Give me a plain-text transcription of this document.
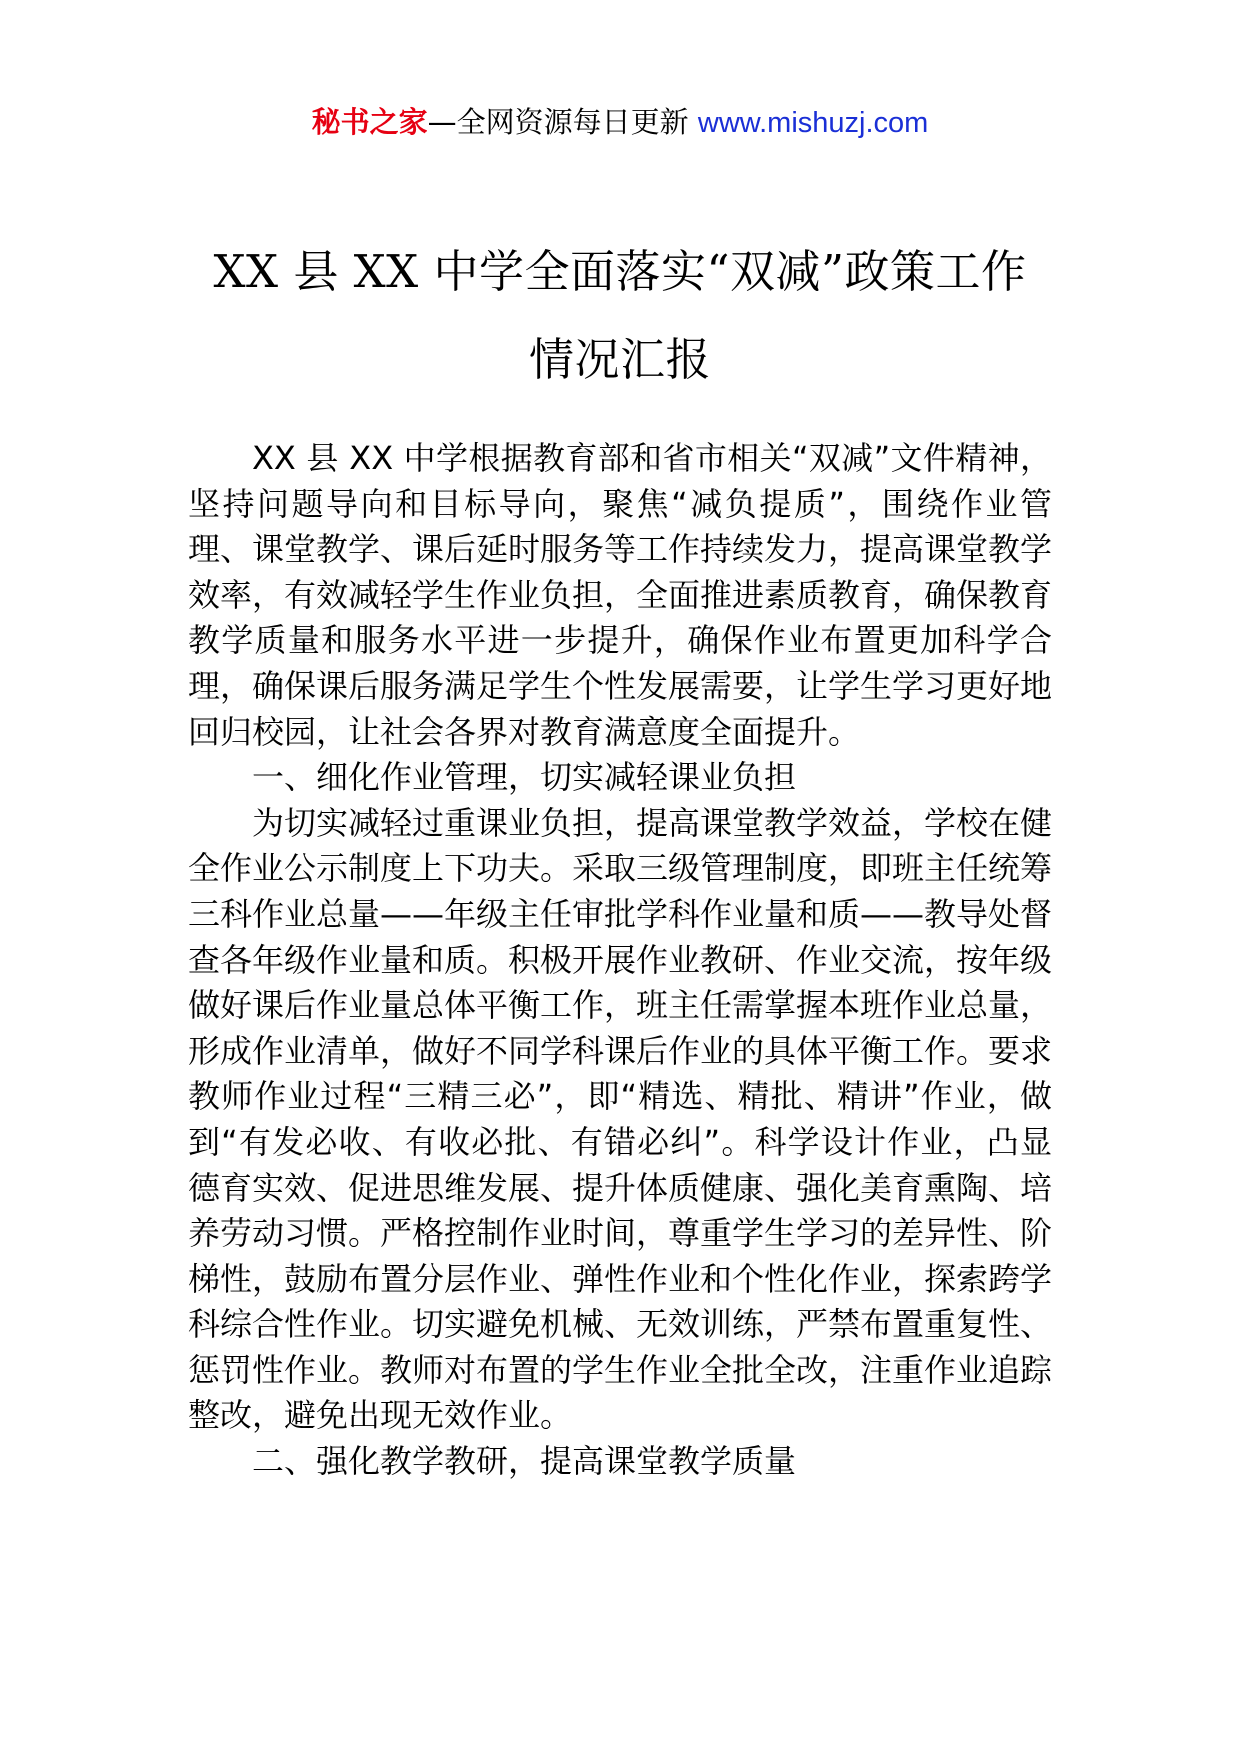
秘书之家—全网资源每日更新 www.mishuzj.com
XX 县 XX 中学全面落实“双减”政策工作
情况汇报

XX 县 XX 中学根据教育部和省市相关“双减”文件精神，坚持问题导向和目标导向，聚焦“减负提质”，围绕作业管理、课堂教学、课后延时服务等工作持续发力，提高课堂教学效率，有效减轻学生作业负担，全面推进素质教育，确保教育教学质量和服务水平进一步提升，确保作业布置更加科学合理，确保课后服务满足学生个性发展需要，让学生学习更好地回归校园，让社会各界对教育满意度全面提升。

一、细化作业管理，切实减轻课业负担

为切实减轻过重课业负担，提高课堂教学效益，学校在健全作业公示制度上下功夫。采取三级管理制度，即班主任统筹三科作业总量——年级主任审批学科作业量和质——教导处督查各年级作业量和质。积极开展作业教研、作业交流，按年级做好课后作业量总体平衡工作，班主任需掌握本班作业总量，形成作业清单，做好不同学科课后作业的具体平衡工作。要求教师作业过程“三精三必”，即“精选、精批、精讲”作业，做到“有发必收、有收必批、有错必纠”。科学设计作业，凸显德育实效、促进思维发展、提升体质健康、强化美育熏陶、培养劳动习惯。严格控制作业时间，尊重学生学习的差异性、阶梯性，鼓励布置分层作业、弹性作业和个性化作业，探索跨学科综合性作业。切实避免机械、无效训练，严禁布置重复性、惩罚性作业。教师对布置的学生作业全批全改，注重作业追踪整改，避免出现无效作业。

二、强化教学教研，提高课堂教学质量
